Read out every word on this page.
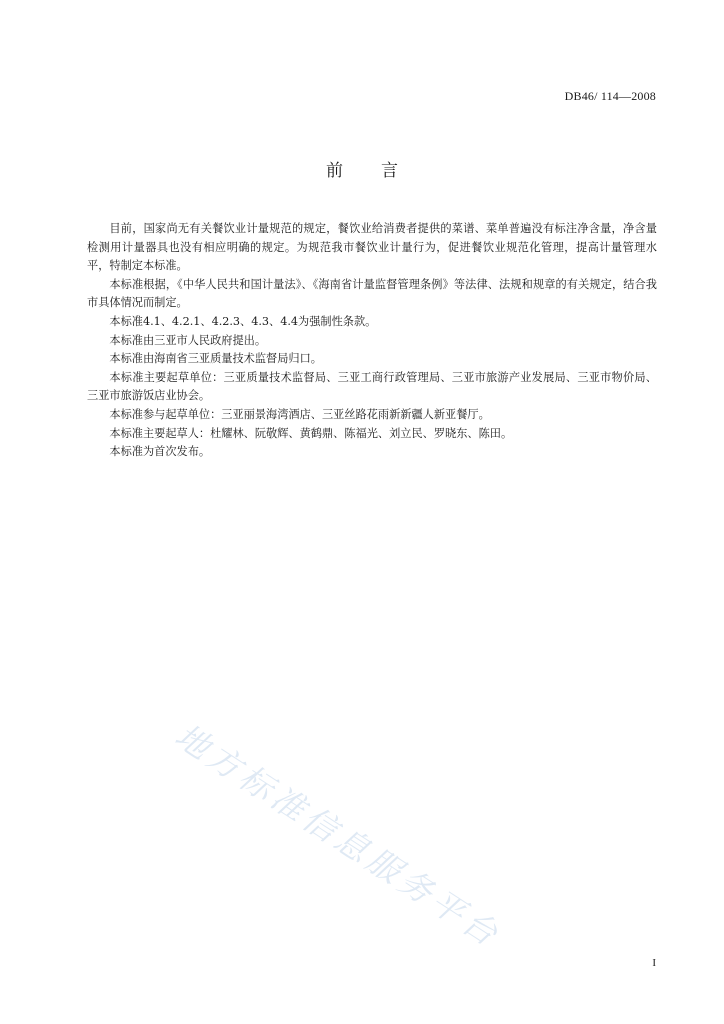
DB46/ 114—2008
前 言

目前，国家尚无有关餐饮业计量规范的规定，餐饮业给消费者提供的菜谱、菜单普遍没有标注净含量，净含量检测用计量器具也没有相应明确的规定。为规范我市餐饮业计量行为，促进餐饮业规范化管理，提高计量管理水平，特制定本标准。

本标准根据，《中华人民共和国计量法》、《海南省计量监督管理条例》等法律、法规和规章的有关规定，结合我市具体情况而制定。

本标准4.1、4.2.1、4.2.3、4.3、4.4为强制性条款。

本标准由三亚市人民政府提出。

本标准由海南省三亚质量技术监督局归口。

本标准主要起草单位：三亚质量技术监督局、三亚工商行政管理局、三亚市旅游产业发展局、三亚市物价局、三亚市旅游饭店业协会。

本标准参与起草单位：三亚丽景海湾酒店、三亚丝路花雨新新疆人新亚餐厅。

本标准主要起草人：杜耀林、阮敬辉、黄鹤鼎、陈福光、刘立民、罗晓东、陈田。

本标准为首次发布。

地方标准信息服务平台
I
